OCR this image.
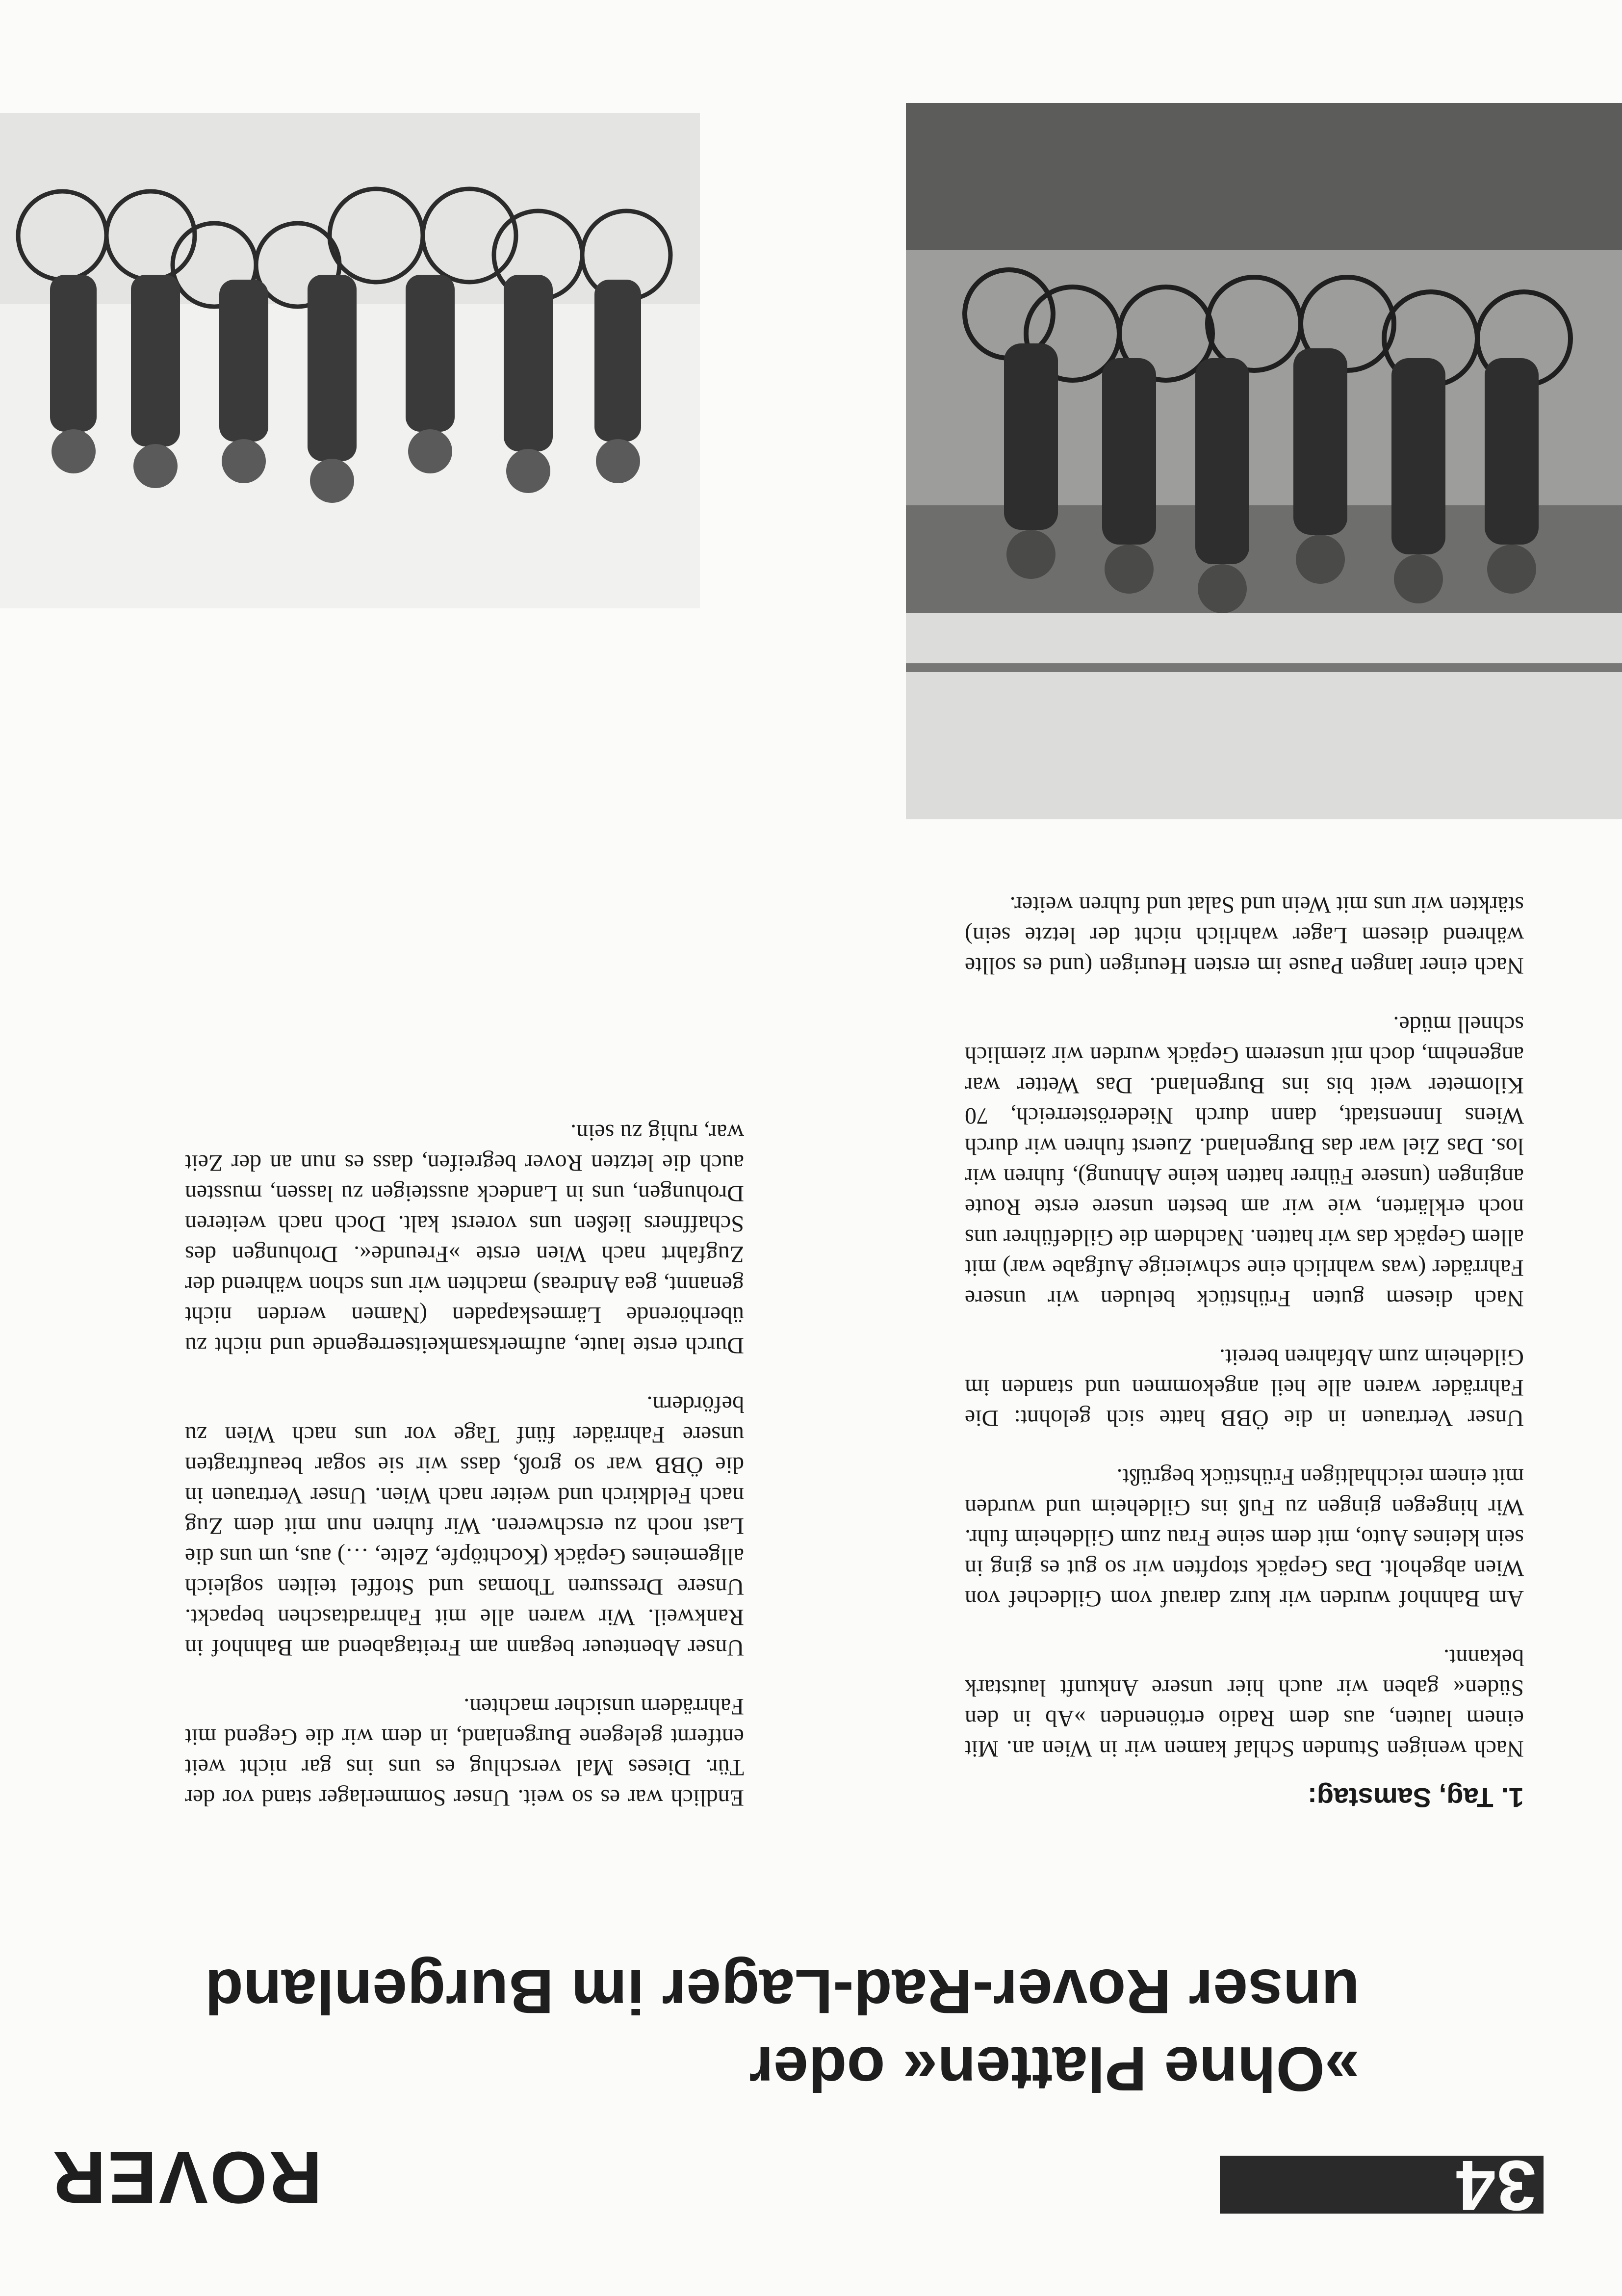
ROVER	34
»Ohne Platten« oder
unser Rover-Rad-Lager im Burgenland

Endlich war es so weit. Unser Sommerlager stand vor der Tür. Dieses Mal verschlug es uns ins gar nicht weit entfernt gelegene Burgenland, in dem wir die Gegend mit Fahrrädern unsicher machten.

Unser Abenteuer begann am Freitagabend am Bahnhof in Rankweil. Wir waren alle mit Fahrradtaschen bepackt. Unsere Dressuren Thomas und Stoffel teilten sogleich allgemeines Gepäck (Kochtöpfe, Zelte, …) aus, um uns die Last noch zu erschweren. Wir fuhren nun mit dem Zug nach Feldkirch und weiter nach Wien. Unser Vertrauen in die ÖBB war so groß, dass wir sie sogar beauftragten unsere Fahrräder fünf Tage vor uns nach Wien zu befördern.

Durch erste laute, aufmerksamkeitserregende und nicht zu überhörende Lärmeskapaden (Namen werden nicht genannt, gea Andreas) machten wir uns schon während der Zugfahrt nach Wien erste »Freunde«. Drohungen des Schaffners ließen uns vorerst kalt. Doch nach weiteren Drohungen, uns in Landeck aussteigen zu lassen, mussten auch die letzten Rover begreifen, dass es nun an der Zeit war, ruhig zu sein.

1. Tag, Samstag:

Nach wenigen Stunden Schlaf kamen wir in Wien an. Mit einem lauten, aus dem Radio ertönenden »Ab in den Süden« gaben wir auch hier unsere Ankunft lautstark bekannt.

Am Bahnhof wurden wir kurz darauf vom Gildechef von Wien abgeholt. Das Gepäck stopften wir so gut es ging in sein kleines Auto, mit dem seine Frau zum Gildeheim fuhr. Wir hingegen gingen zu Fuß ins Gildeheim und wurden mit einem reichhaltigen Frühstück begrüßt.

Unser Vertrauen in die ÖBB hatte sich gelohnt: Die Fahrräder waren alle heil angekommen und standen im Gildeheim zum Abfahren bereit.

Nach diesem guten Frühstück beluden wir unsere Fahrräder (was wahrlich eine schwierige Aufgabe war) mit allem Gepäck das wir hatten. Nachdem die Gildeführer uns noch erklärten, wie wir am besten unsere erste Route angingen (unsere Führer hatten keine Ahnung), fuhren wir los. Das Ziel war das Burgenland. Zuerst fuhren wir durch Wiens Innenstadt, dann durch Niederösterreich, 70 Kilometer weit bis ins Burgenland. Das Wetter war angenehm, doch mit unserem Gepäck wurden wir ziemlich schnell müde.

Nach einer langen Pause im ersten Heurigen (und es sollte während diesem Lager wahrlich nicht der letzte sein) stärkten wir uns mit Wein und Salat und fuhren weiter.
